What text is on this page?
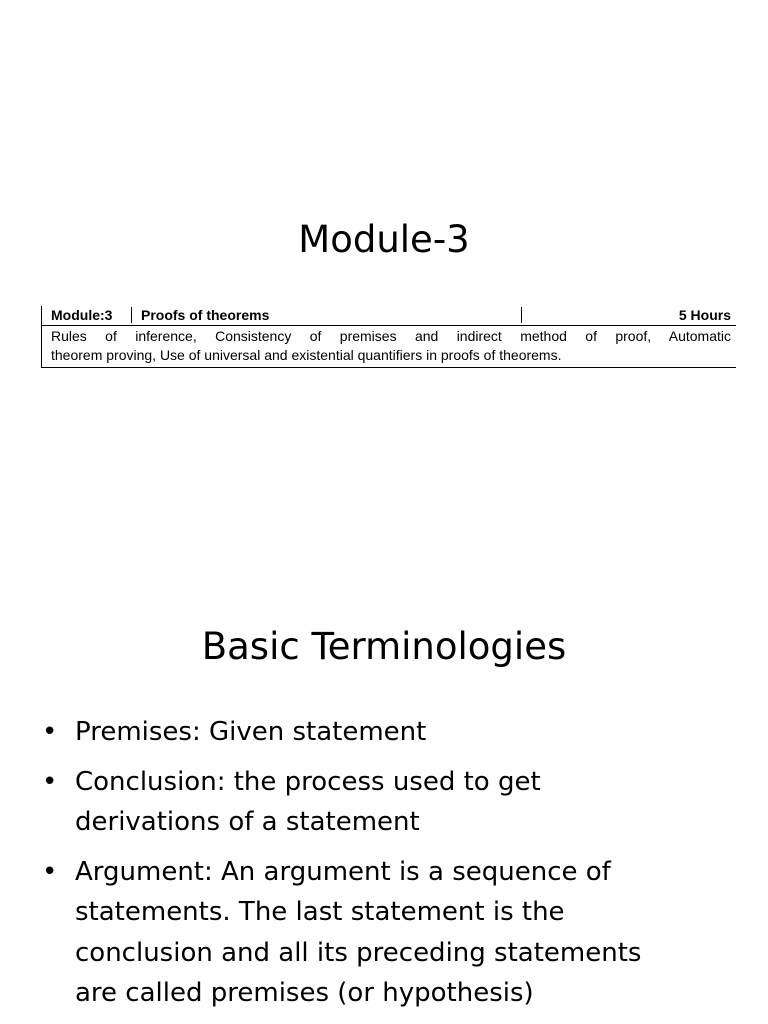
Module-3
Module:3 Proofs of theorems	5 Hours
Rules of inference, Consistency of premises and indirect method of proof, Automatic
theorem proving, Use of universal and existential quantifiers in proofs of theorems.
Basic Terminologies
• Premises: Given statement
• Conclusion: the process used to get
derivations of a statement
• Argument: An argument is a sequence of
statements. The last statement is the
conclusion and all its preceding statements
are called premises (or hypothesis)
